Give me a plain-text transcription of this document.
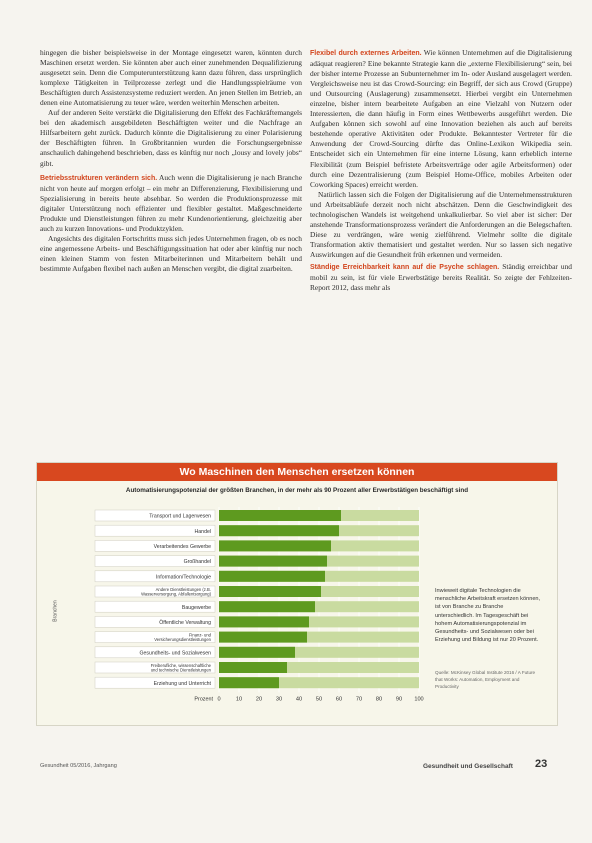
hingegen die bisher beispielsweise in der Montage eingesetzt waren, könnten durch Maschinen ersetzt werden. Sie könnten aber auch einer zunehmenden Dequalifizierung ausgesetzt sein. Denn die Computerunterstützung kann dazu führen, dass ursprünglich komplexe Tätigkeiten in Teilprozesse zerlegt und die Handlungsspielräume von Beschäftigten durch Assistenzsysteme reduziert werden. An jenen Stellen im Betrieb, an denen eine Automatisierung zu teuer wäre, werden weiterhin Menschen arbeiten.

Auf der anderen Seite verstärkt die Digitalisierung den Effekt des Fachkräftemangels bei den akademisch ausgebildeten Beschäftigten weiter und die Nachfrage an Hilfsarbeitern geht zurück. Dadurch könnte die Digitalisierung zu einer Polarisierung der Beschäftigten führen. In Großbritannien wurden die Forschungsergebnisse anschaulich dahingehend beschrieben, dass es künftig nur noch „lousy and lovely jobs“ gibt.

Betriebsstrukturen verändern sich. Auch wenn die Digitalisierung je nach Branche nicht von heute auf morgen erfolgt – ein mehr an Differenzierung, Flexibilisierung und Spezialisierung in bereits heute absehbar. So werden die Produktionsprozesse mit digitaler Unterstützung noch effizienter und flexibler gestaltet. Maßgeschneiderte Produkte und Dienstleistungen führen zu mehr Kundenorientierung, gleichzeitig aber auch zu kurzen Innovations- und Produktzyklen.

Angesichts des digitalen Fortschritts muss sich jedes Unternehmen fragen, ob es noch eine angemessene Arbeits- und Beschäftigungssituation hat oder aber künftig nur noch einen kleinen Stamm von festen Mitarbeiterinnen und Mitarbeitern behält und bestimmte Aufgaben flexibel nach außen an Menschen vergibt, die digital zuarbeiten.

Flexibel durch externes Arbeiten. Wie können Unternehmen auf die Digitalisierung adäquat reagieren? Eine bekannte Strategie kann die „externe Flexibilisierung“ sein, bei der bisher interne Prozesse an Subunternehmer im In- oder Ausland ausgelagert werden. Vergleichsweise neu ist das Crowd-Sourcing: ein Begriff, der sich aus Crowd (Gruppe) und Outsourcing (Auslagerung) zusammensetzt. Hierbei vergibt ein Unternehmen einzelne, bisher intern bearbeitete Aufgaben an eine Vielzahl von Nutzern oder Interessierten, die dann häufig in Form eines Wettbewerbs ausgeführt werden. Die Aufgaben können sich sowohl auf eine Innovation beziehen als auch auf bereits bestehende operative Aktivitäten oder Produkte. Bekanntester Vertreter für die Anwendung der Crowd-Sourcing dürfte das Online-Lexikon Wikipedia sein. Entscheidet sich ein Unternehmen für eine interne Lösung, kann erheblich interne Flexibilität (zum Beispiel befristete Arbeitsverträge oder agile Arbeitsformen) oder durch eine Dezentralisierung (zum Beispiel Home-Office, mobiles Arbeiten oder Coworking Spaces) erreicht werden.

Natürlich lassen sich die Folgen der Digitalisierung auf die Unternehmensstrukturen und Arbeitsabläufe derzeit noch nicht abschätzen. Denn die Geschwindigkeit des technologischen Wandels ist weitgehend unkalkulierbar. So viel aber ist sicher: Der anstehende Transformationsprozess verändert die Anforderungen an die Belegschaften. Diese zu verdrängen, wäre wenig zielführend. Vielmehr sollte die digitale Transformation aktiv thematisiert und gestaltet werden. Nur so lassen sich negative Auswirkungen auf die Gesundheit früh erkennen und vermeiden.

Ständige Erreichbarkeit kann auf die Psyche schlagen. Ständig erreichbar und mobil zu sein, ist für viele Erwerbstätige bereits Realität. So zeigte der Fehlzeiten-Report 2012, dass mehr als

Wo Maschinen den Menschen ersetzen können
Automatisierungspotenzial der größten Branchen, in der mehr als 90 Prozent aller Erwerbstätigen beschäftigt sind
Transport und Lagerwesen
Handel
Verarbeitendes Gewerbe
Großhandel
Information/Technologie
Andere Dienstleistungen (z.B. Wasserversorgung, Abfallentsorgung)
Baugewerbe
Öffentliche Verwaltung
Finanz- und Versicherungsdienstleistungen
Gesundheits- und Sozialwesen
Freiberufliche, wissenschaftliche und technische Dienstleistungen
Erziehung und Unterricht
Prozent 0	10 20 30 40 50 60 70 80 90 100
Branchen
Inwieweit digitale Technologien die menschliche Arbeitskraft ersetzen können, ist von Branche zu Branche unterschiedlich. Im Tagesgeschäft bei hohem Automatisierungspotenzial im Gesundheits- und Sozialwesen oder bei Erziehung und Bildung ist nur 20 Prozent.
Quelle: McKinsey Global Institute 2016 / A Future that Works: Automation, Employment and Productivity
Gesundheit 05/2016, Jahrgang	Gesundheit und Gesellschaft 23
